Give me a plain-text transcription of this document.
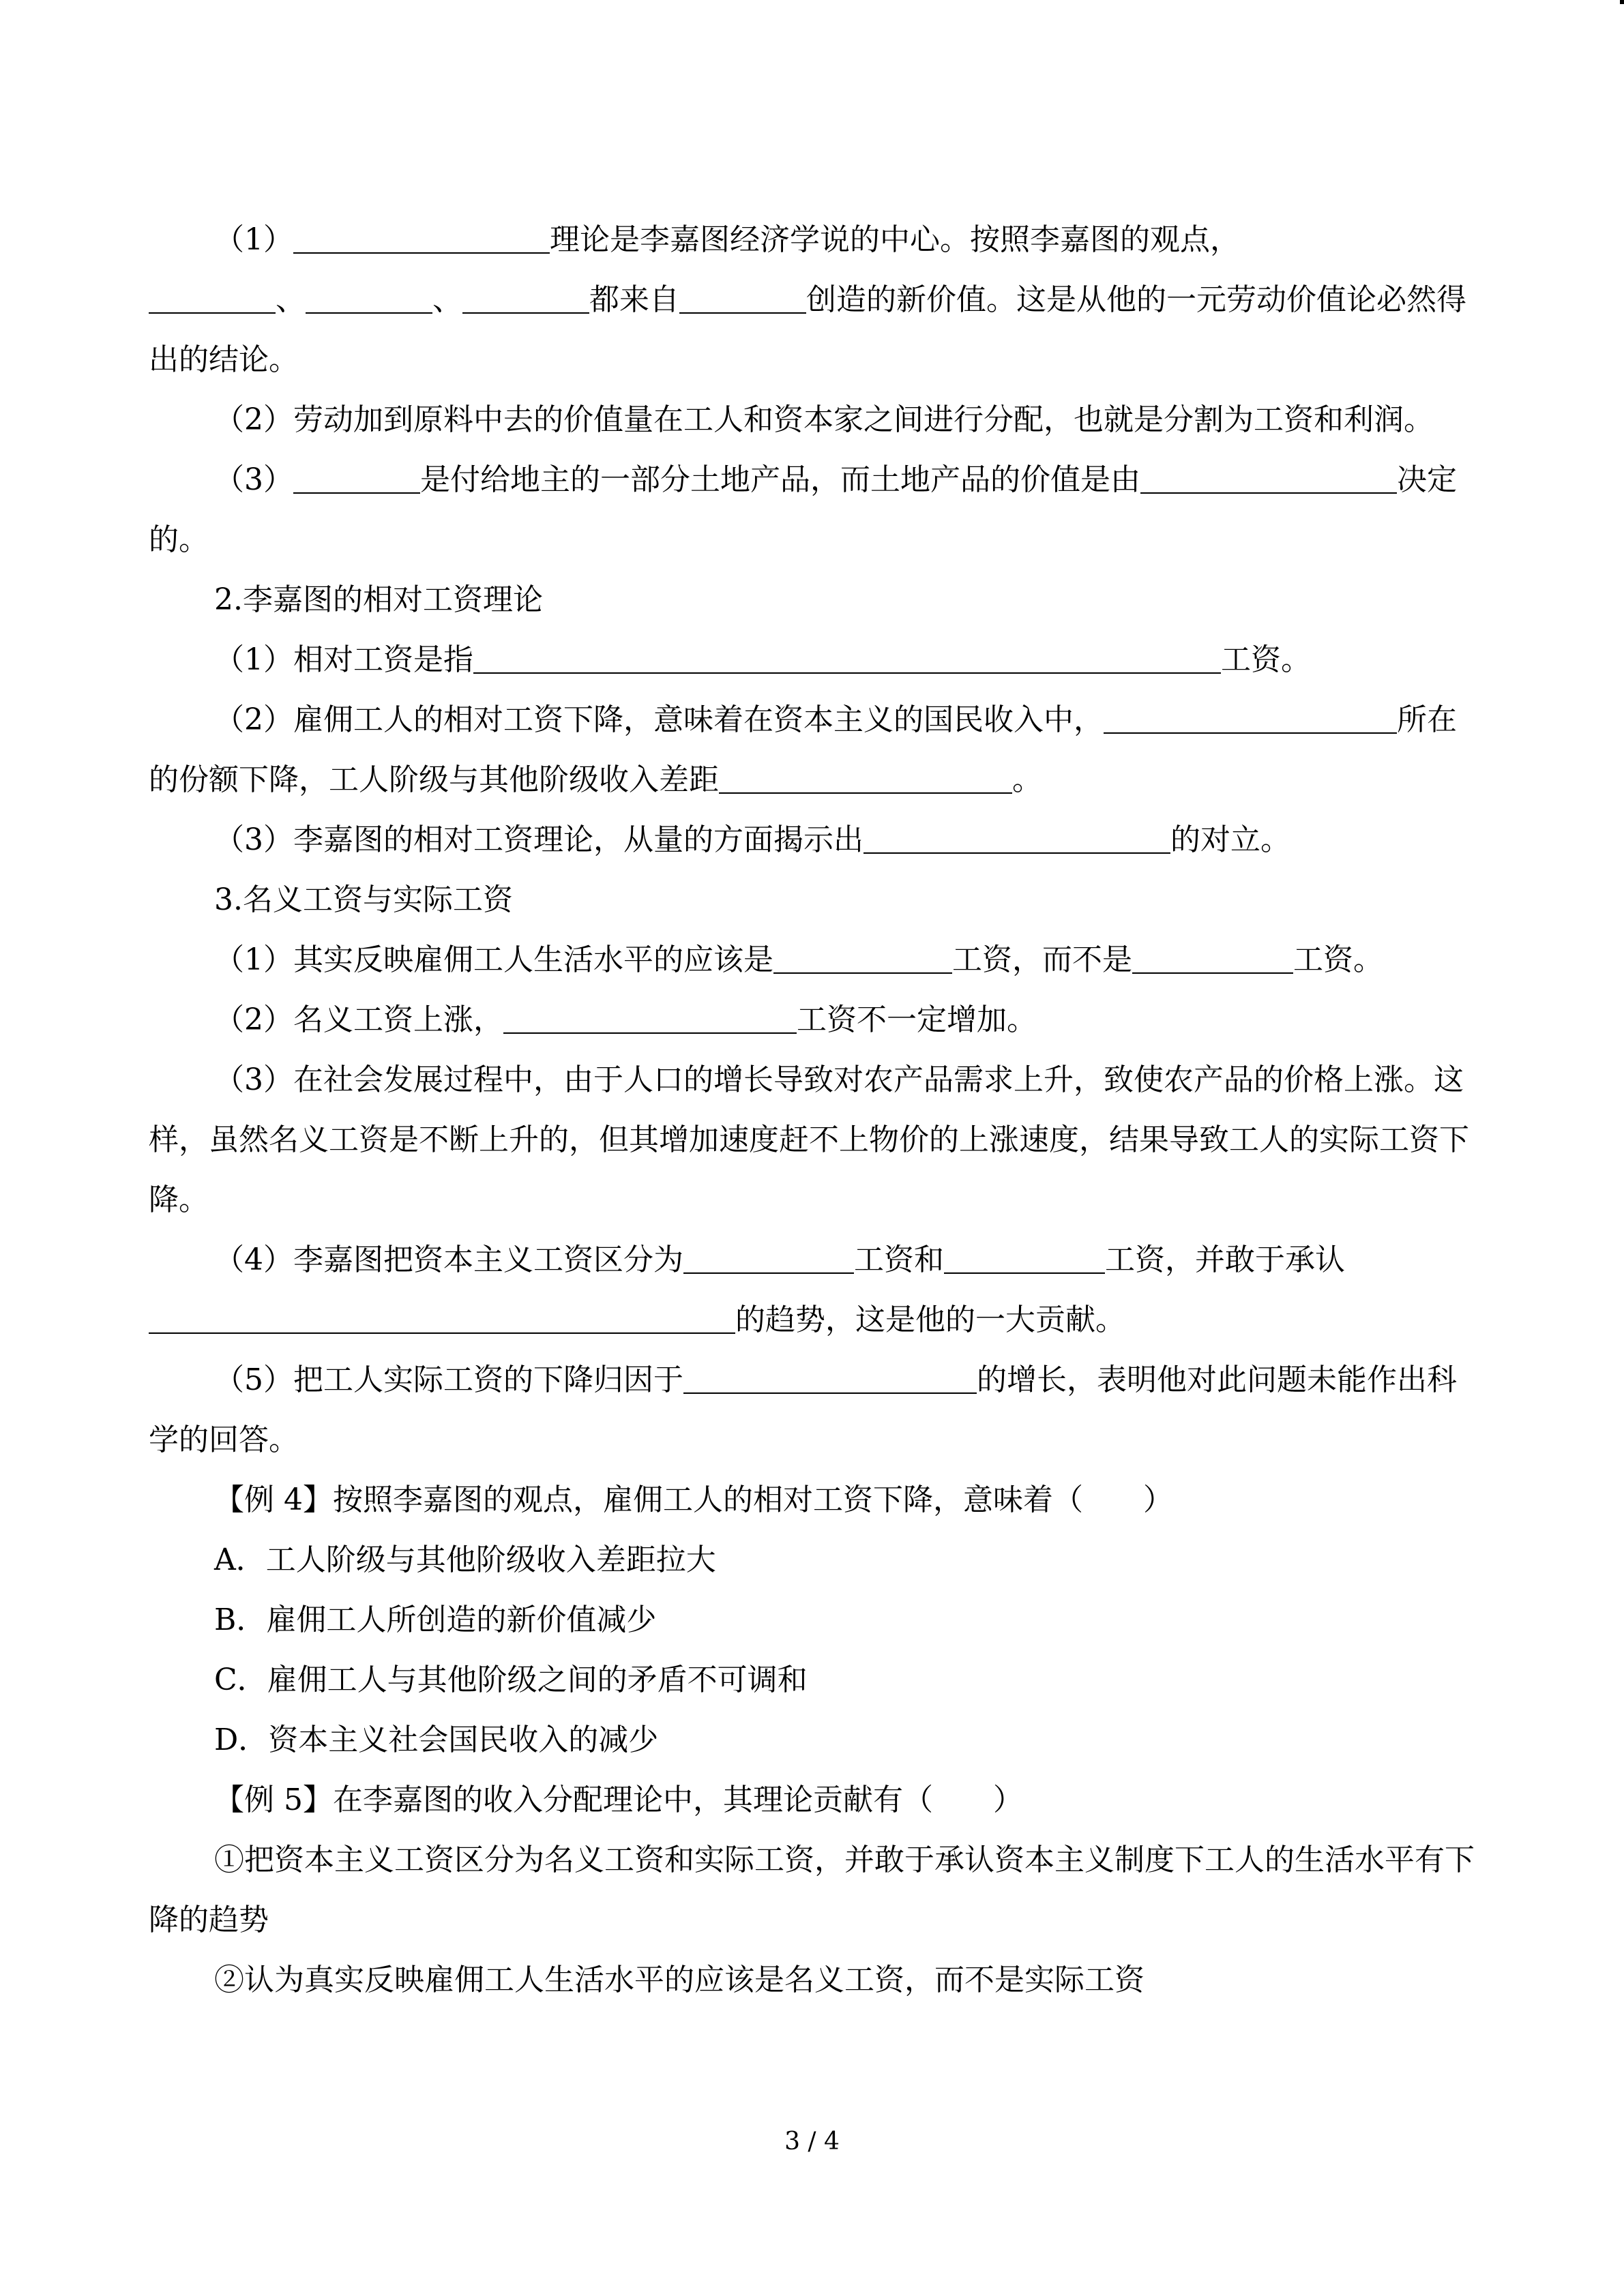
（1）	理论是李嘉图经济学说的中心。按照李嘉图的观点，
、	、	都来自	创造的新价值。这是从他的一元劳动价值论必然得出的结论。

（2）劳动加到原料中去的价值量在工人和资本家之间进行分配，也就是分割为工资和利润。

（3）	是付给地主的一部分土地产品，而土地产品的价值是由	决定的。

2.李嘉图的相对工资理论

（1）相对工资是指	工资。

（2）雇佣工人的相对工资下降，意味着在资本主义的国民收入中，	所在的份额下降，工人阶级与其他阶级收入差距	。

（3）李嘉图的相对工资理论，从量的方面揭示出	的对立。

3.名义工资与实际工资

（1）其实反映雇佣工人生活水平的应该是	工资，而不是	工资。

（2）名义工资上涨，	工资不一定增加。

（3）在社会发展过程中，由于人口的增长导致对农产品需求上升，致使农产品的价格上涨。这样，虽然名义工资是不断上升的，但其增加速度赶不上物价的上涨速度，结果导致工人的实际工资下降。

（4）李嘉图把资本主义工资区分为	工资和	工资，并敢于承认
的趋势，这是他的一大贡献。

（5）把工人实际工资的下降归因于	的增长，表明他对此问题未能作出科学的回答。

【例 4】按照李嘉图的观点，雇佣工人的相对工资下降，意味着（　　）

A．工人阶级与其他阶级收入差距拉大

B．雇佣工人所创造的新价值减少

C．雇佣工人与其他阶级之间的矛盾不可调和

D．资本主义社会国民收入的减少

【例 5】在李嘉图的收入分配理论中，其理论贡献有（　　）

①把资本主义工资区分为名义工资和实际工资，并敢于承认资本主义制度下工人的生活水平有下降的趋势

②认为真实反映雇佣工人生活水平的应该是名义工资，而不是实际工资

3 / 4
